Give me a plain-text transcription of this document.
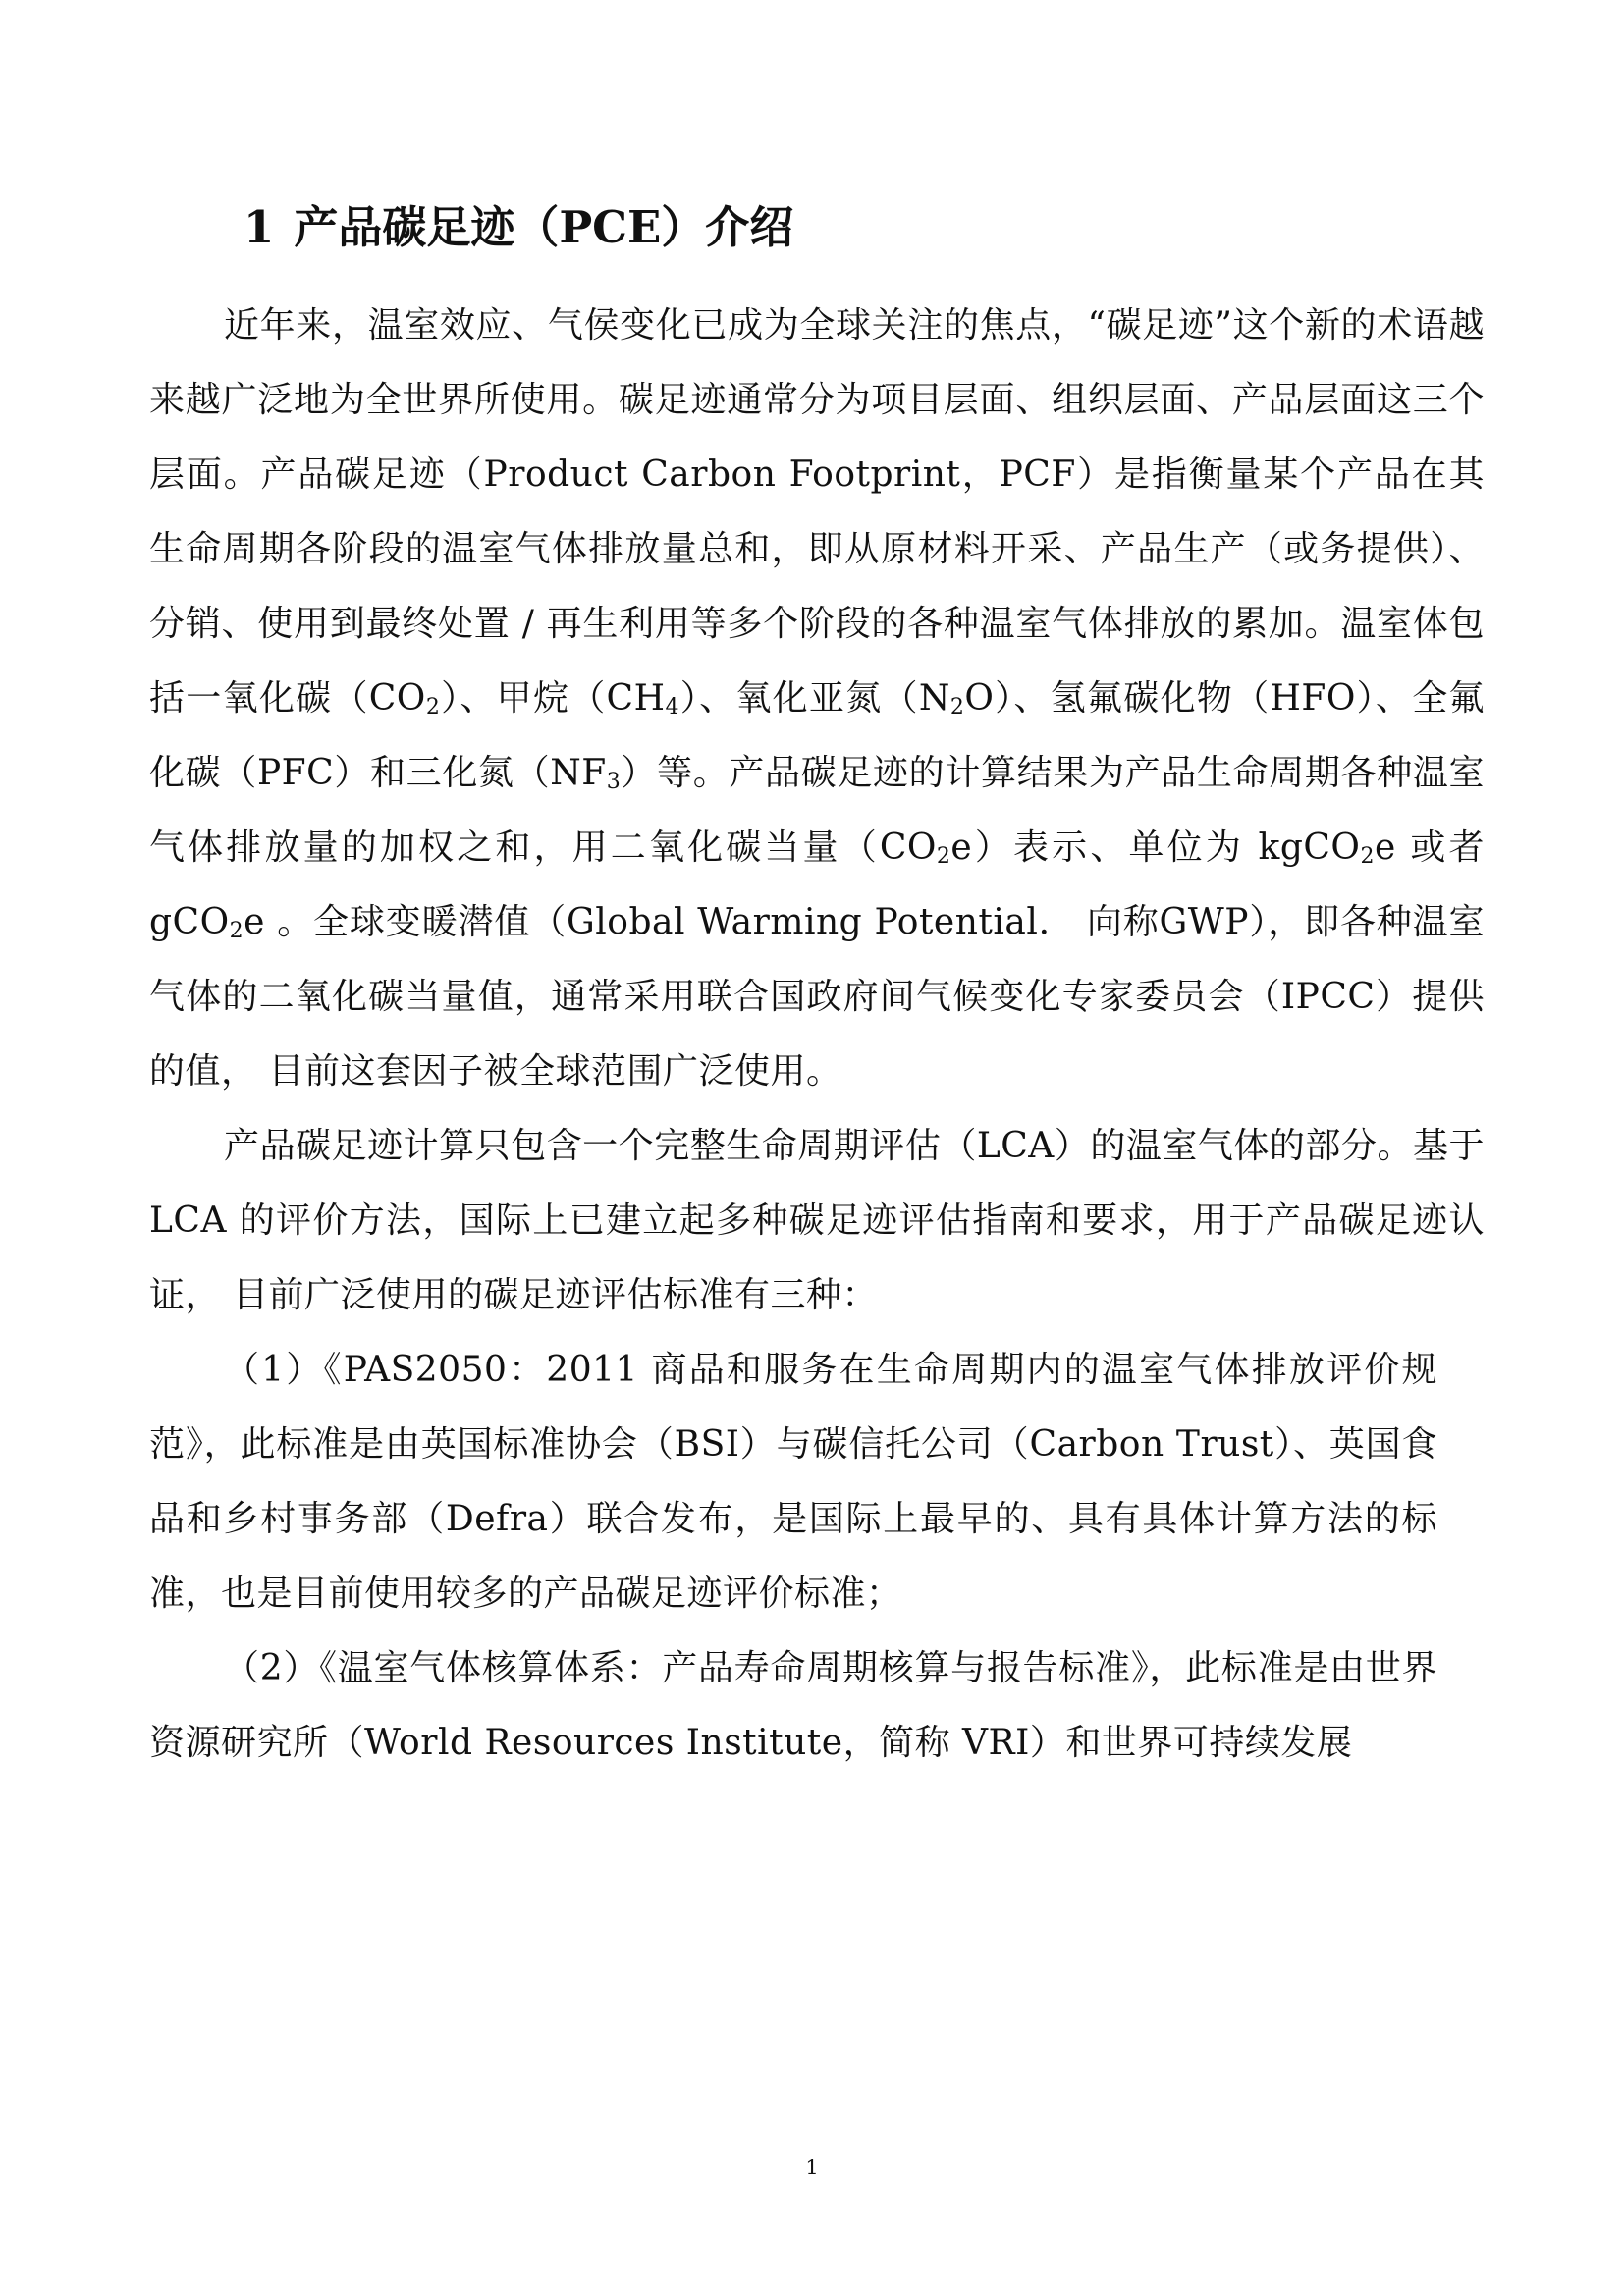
1 产品碳足迹（PCE）介绍

近年来，温室效应、气侯变化已成为全球关注的焦点，“碳足迹”这个新的术语越来越广泛地为全世界所使用。碳足迹通常分为项目层面、组织层面、产品层面这三个层面。产品碳足迹（Product Carbon Footprint，PCF）是指衡量某个产品在其生命周期各阶段的温室气体排放量总和，即从原材料开采、产品生产（或务提供）、分销、使用到最终处置 / 再生利用等多个阶段的各种温室气体排放的累加。温室体包括一氧化碳$(CO_2)$、甲烷$(CH_4)$、氧化亚氮$(N_2O)$、氢氟碳化物（HFO）、全氟化碳（PFC）和三化氮$(NF_3)$等。产品碳足迹的计算结果为产品生命周期各种温室气体排放量的加权之和，用二氧化碳当量$(CO_2e)$表示、单位为 kgCO$_2$e 或者 gCO$_2$e 。全球变暖潜值（Global Warming Potential． 向称GWP），即各种温室气体的二氧化碳当量值，通常采用联合国政府间气候变化专家委员会（IPCC）提供的值， 目前这套因子被全球范围广泛使用。

产品碳足迹计算只包含一个完整生命周期评估（LCA）的温室气体的部分。基于 LCA 的评价方法，国际上已建立起多种碳足迹评估指南和要求，用于产品碳足迹认证， 目前广泛使用的碳足迹评估标准有三种：

（1）《PAS2050：2011 商品和服务在生命周期内的温室气体排放评价规范》，此标准是由英国标准协会（BSI）与碳信托公司（Carbon Trust）、英国食品和乡村事务部（Defra）联合发布，是国际上最早的、具有具体计算方法的标准，也是目前使用较多的产品碳足迹评价标准；

（2）《温室气体核算体系：产品寿命周期核算与报告标准》，此标准是由世界资源研究所（World Resources Institute，简称 VRI）和世界可持续发展

1
